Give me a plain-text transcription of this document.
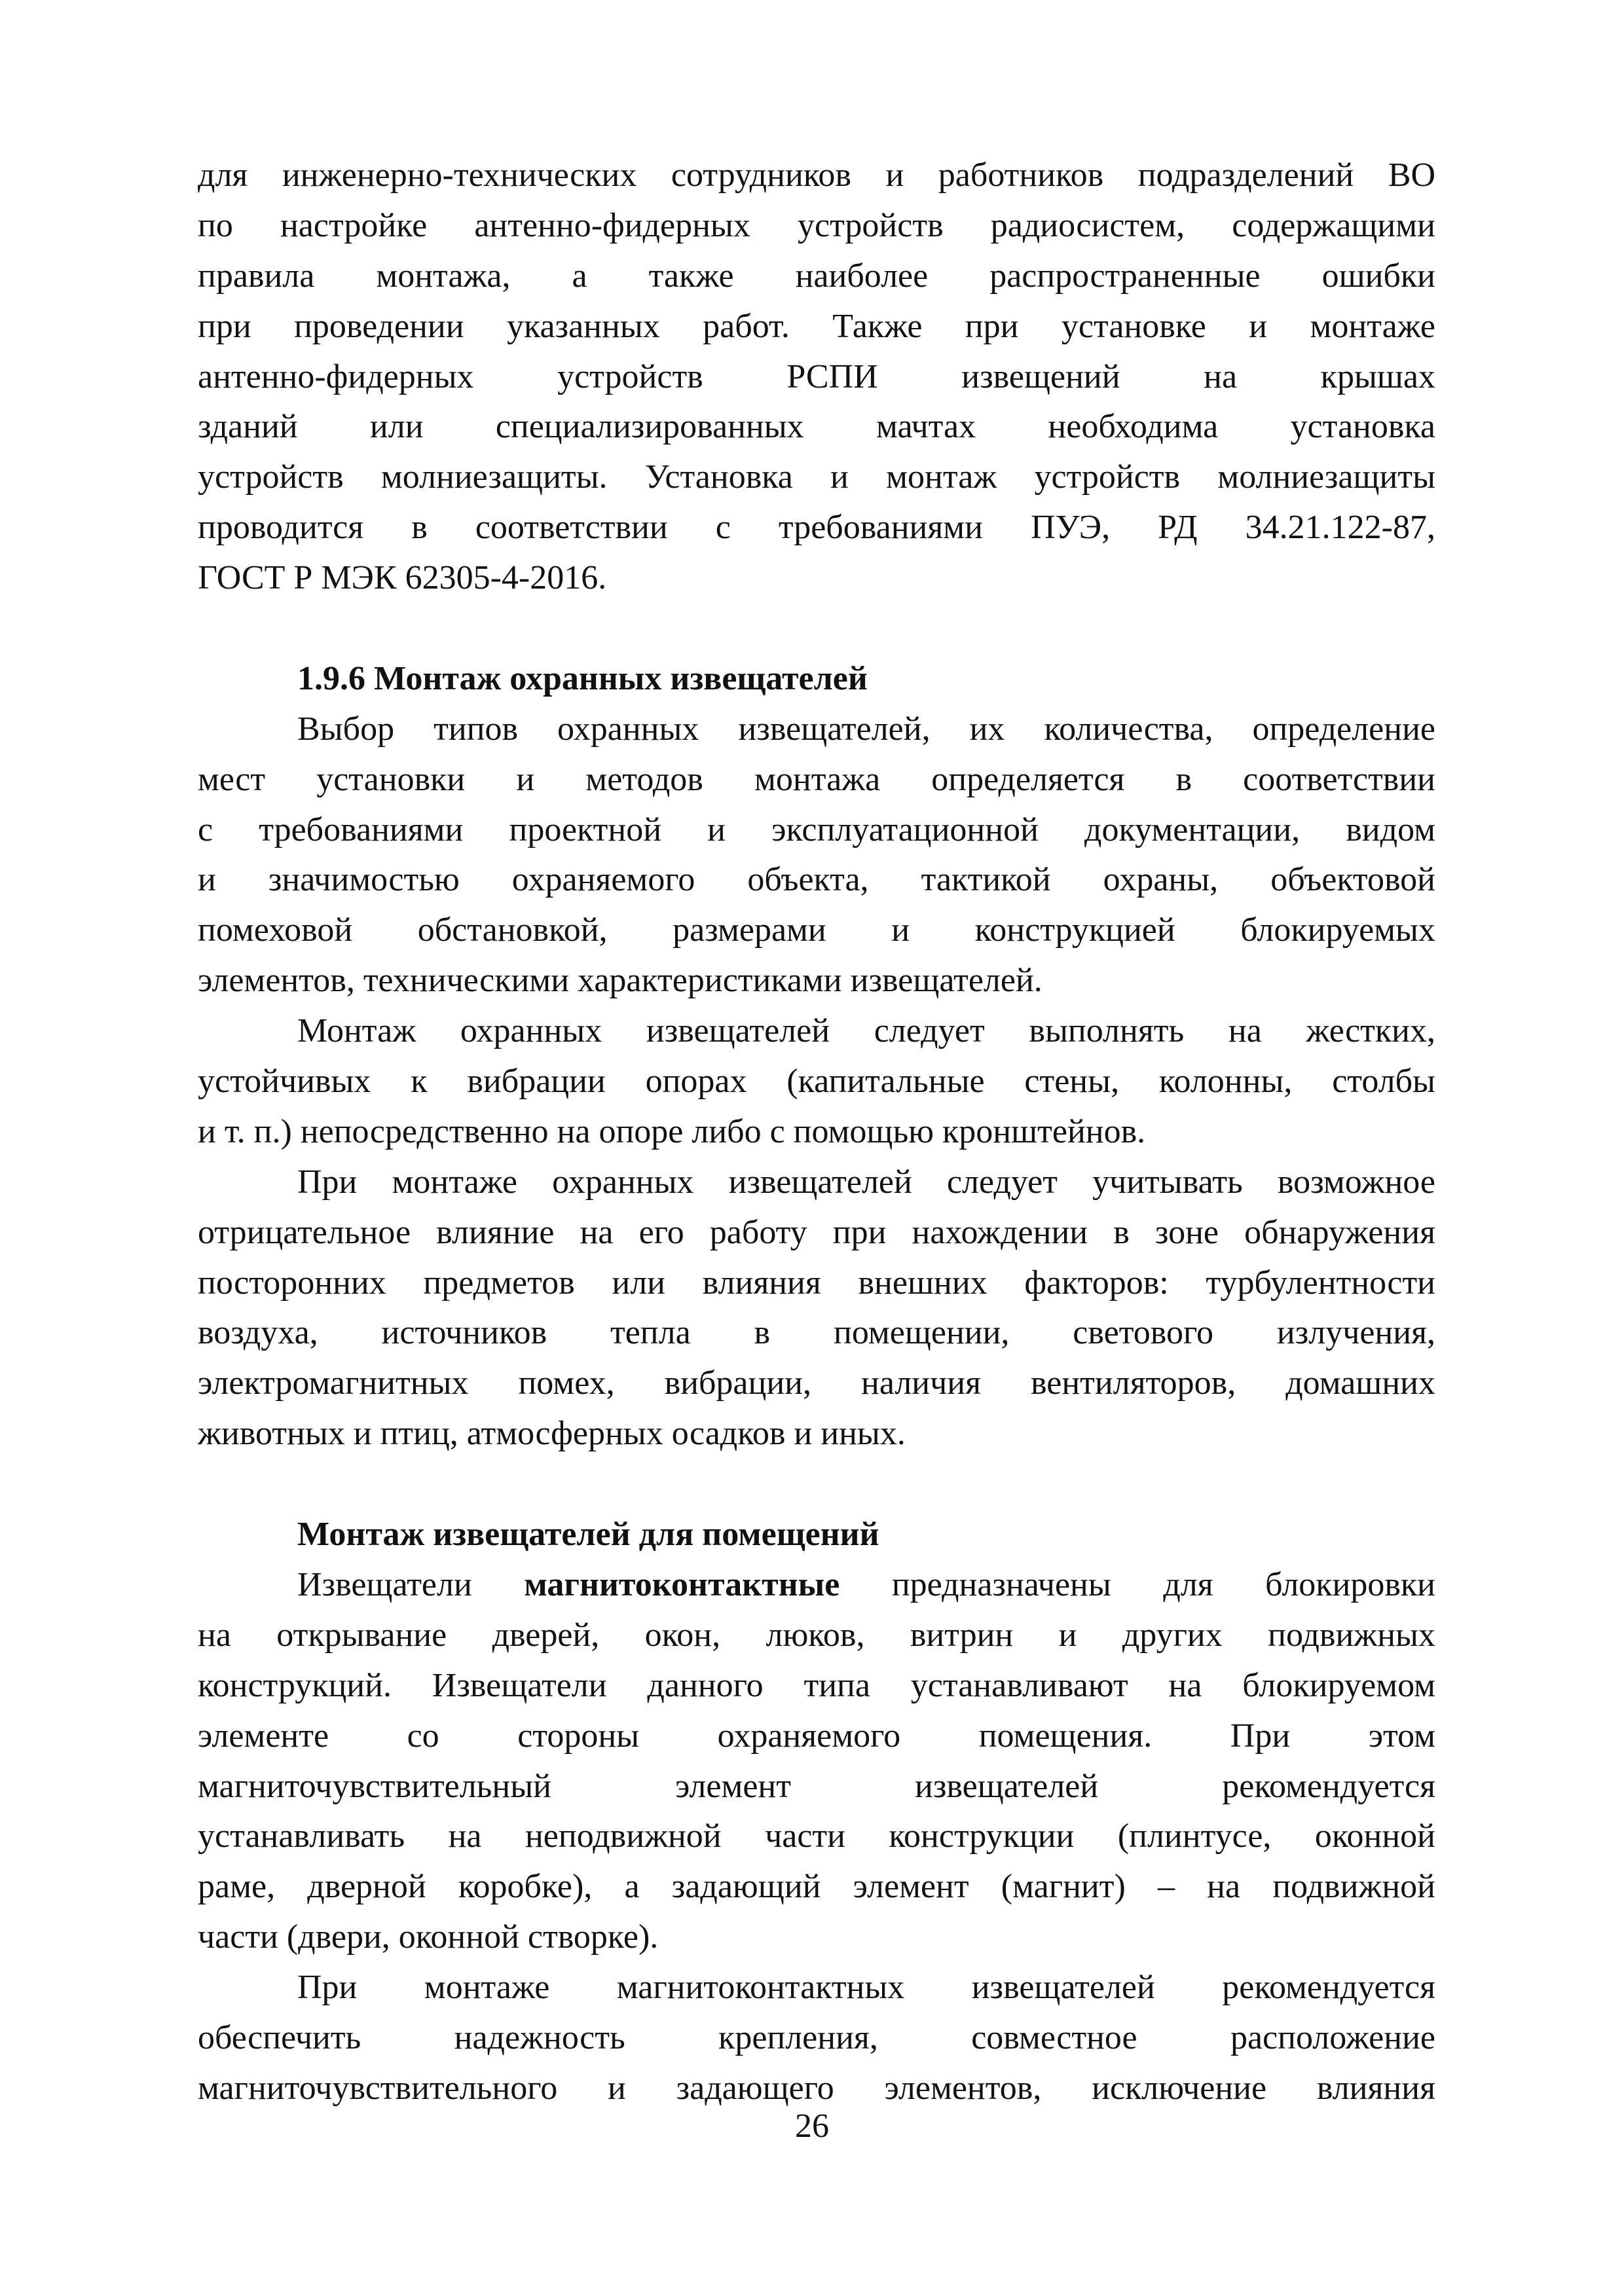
для инженерно-технических сотрудников и работников подразделений ВО
по настройке антенно-фидерных устройств радиосистем, содержащими
правила монтажа, а также наиболее распространенные ошибки
при проведении указанных работ. Также при установке и монтаже
антенно-фидерных устройств РСПИ извещений на крышах
зданий или специализированных мачтах необходима установка
устройств молниезащиты. Установка и монтаж устройств молниезащиты
проводится в соответствии с требованиями ПУЭ, РД 34.21.122-87,
ГОСТ Р МЭК 62305-4-2016.
1.9.6 Монтаж охранных извещателей
Выбор типов охранных извещателей, их количества, определение
мест установки и методов монтажа определяется в соответствии
с требованиями проектной и эксплуатационной документации, видом
и значимостью охраняемого объекта, тактикой охраны, объектовой
помеховой обстановкой, размерами и конструкцией блокируемых
элементов, техническими характеристиками извещателей.
Монтаж охранных извещателей следует выполнять на жестких,
устойчивых к вибрации опорах (капитальные стены, колонны, столбы
и т. п.) непосредственно на опоре либо с помощью кронштейнов.
При монтаже охранных извещателей следует учитывать возможное
отрицательное влияние на его работу при нахождении в зоне обнаружения
посторонних предметов или влияния внешних факторов: турбулентности
воздуха, источников тепла в помещении, светового излучения,
электромагнитных помех, вибрации, наличия вентиляторов, домашних
животных и птиц, атмосферных осадков и иных.
Монтаж извещателей для помещений
Извещатели магнитоконтактные предназначены для блокировки
на открывание дверей, окон, люков, витрин и других подвижных
конструкций. Извещатели данного типа устанавливают на блокируемом
элементе со стороны охраняемого помещения. При этом
магниточувствительный элемент извещателей рекомендуется
устанавливать на неподвижной части конструкции (плинтусе, оконной
раме, дверной коробке), а задающий элемент (магнит) – на подвижной
части (двери, оконной створке).
При монтаже магнитоконтактных извещателей рекомендуется
обеспечить надежность крепления, совместное расположение
магниточувствительного и задающего элементов, исключение влияния
26
